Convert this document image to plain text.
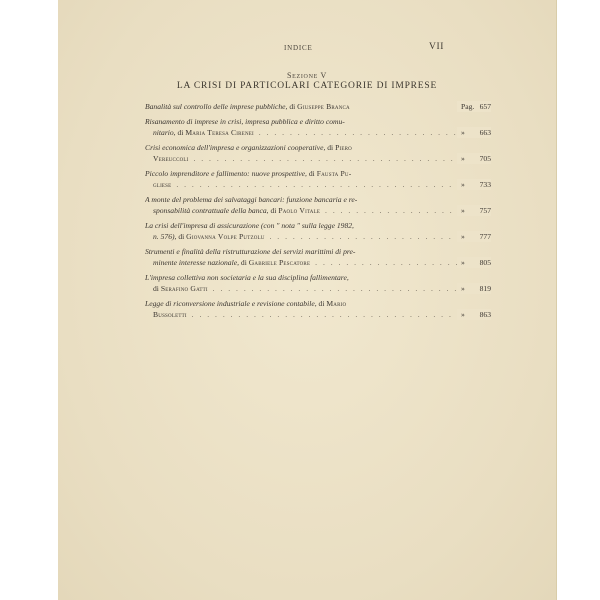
INDICE	VII
Sezione V
LA CRISI DI PARTICOLARI CATEGORIE DI IMPRESE
Banalità sul controllo delle imprese pubbliche, di Giuseppe Branca	Pag. 657
Risanamento di imprese in crisi, impresa pubblica e diritto comu-
nitario, di Maria Teresa Cirenei	» 663
. . .
Crisi economica dell'impresa e organizzazioni cooperative, di Piero
Vereuccoli	» 705
. . .
Piccolo imprenditore e fallimento: nuove prospettive, di Fausta Pu-
gliese	» 733
. . .
A monte del problema dei salvataggi bancari: funzione bancaria e re-
sponsabilità contrattuale della banca, di Paolo Vitale	» 757
. . .
La crisi dell'impresa di assicurazione (con " nota " sulla legge 1982,
n. 576), di Giovanna Volpe Putzolu	» 777
. . .
Strumenti e finalità della ristrutturazione dei servizi marittimi di pre-
minente interesse nazionale, di Gabriele Pescatore	» 805
. . .
L'impresa collettiva non societaria e la sua disciplina fallimentare,
di Serafino Gatti	» 819
. . .
Legge di riconversione industriale e revisione contabile, di Mario
Bussoletti	» 863
. . .
